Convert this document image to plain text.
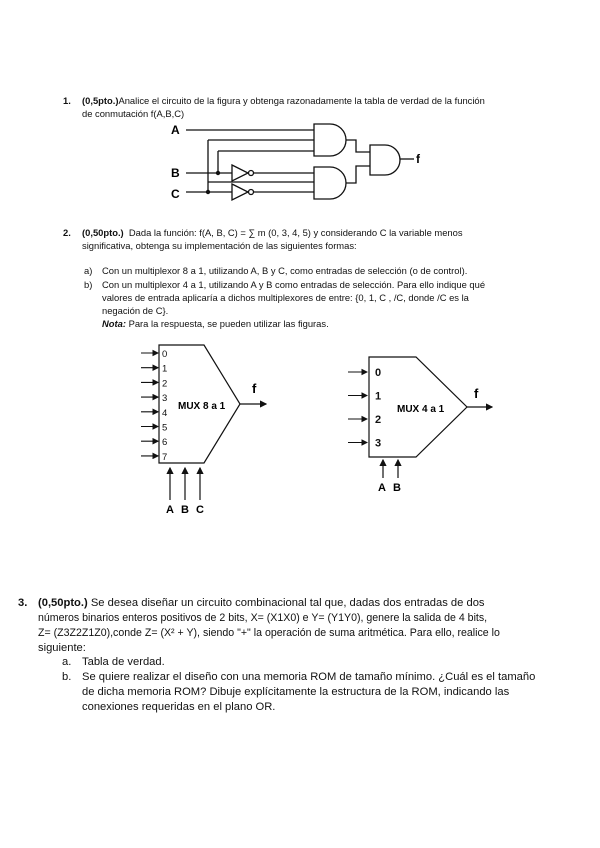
1. (0,5pto.)Analice el circuito de la figura y obtenga razonadamente la tabla de verdad de la función
de conmutación f(A,B,C)
A
B
C
f
2. (0,50pto.) Dada la función: f(A, B, C) = ∑ m (0, 3, 4, 5) y considerando C la variable menos
significativa, obtenga su implementación de las siguientes formas:
a) Con un multiplexor 8 a 1, utilizando A, B y C, como entradas de selección (o de control).
b) Con un multiplexor 4 a 1, utilizando A y B como entradas de selección. Para ello indique qué
valores de entrada aplicaría a dichos multiplexores de entre: {0, 1, C , /C, donde /C es la
negación de C}.
Nota: Para la respuesta, se pueden utilizar las figuras.
0
1
2
3
4
5
6
7
MUX 8 a 1
f
A B C
0
1
2
3
MUX 4 a 1
f
A B
3. (0,50pto.) Se desea diseñar un circuito combinacional tal que, dadas dos entradas de dos
números binarios enteros positivos de 2 bits, X= (X1X0) e Y= (Y1Y0), genere la salida de 4 bits,
Z= (Z3Z2Z1Z0),conde Z= (X² + Y), siendo "+" la operación de suma aritmética. Para ello, realice lo
siguiente:
a. Tabla de verdad.
b. Se quiere realizar el diseño con una memoria ROM de tamaño mínimo. ¿Cuál es el tamaño
de dicha memoria ROM? Dibuje explícitamente la estructura de la ROM, indicando las
conexiones requeridas en el plano OR.
